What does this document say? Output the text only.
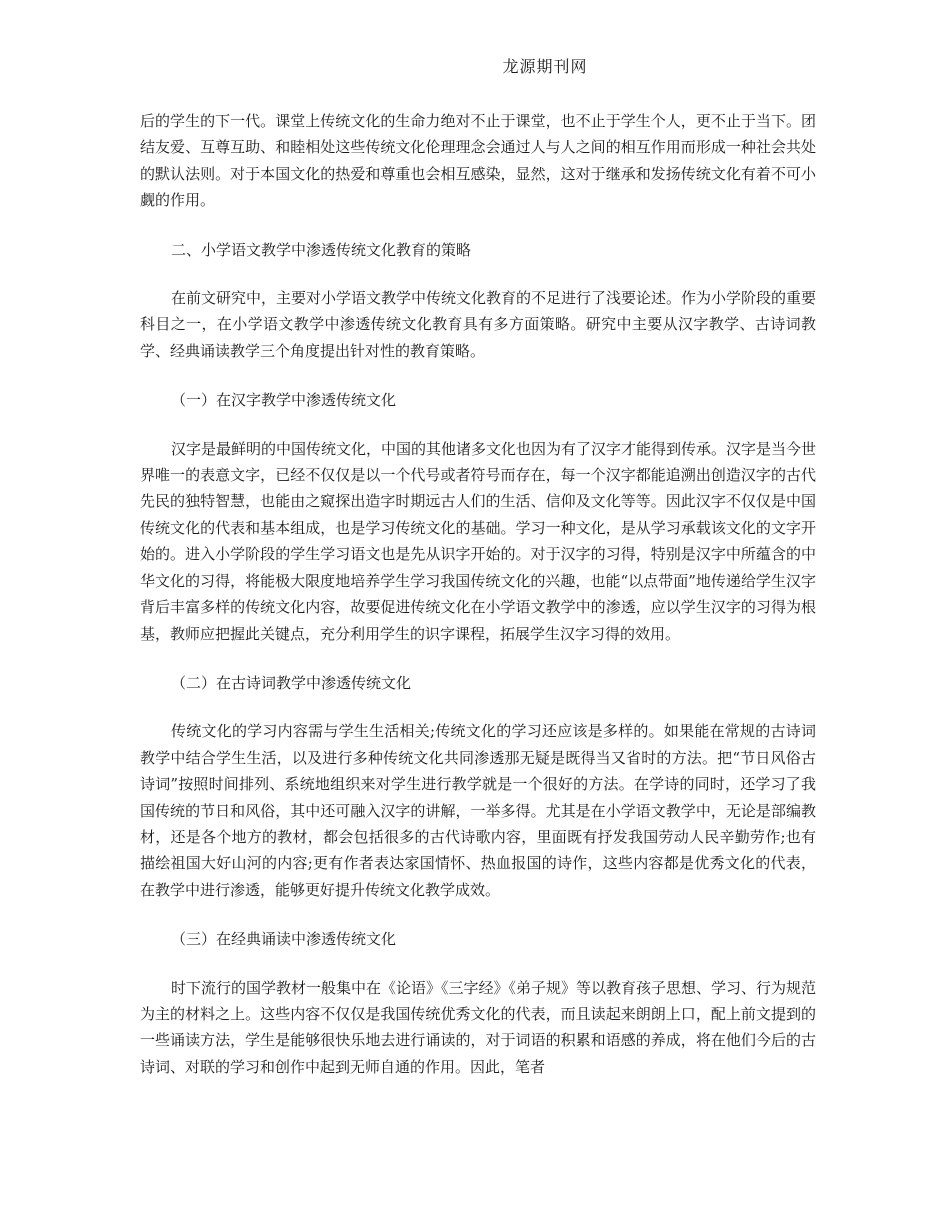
龙源期刊网

后的学生的下一代。课堂上传统文化的生命力绝对不止于课堂，也不止于学生个人，更不止于当下。团结友爱、互尊互助、和睦相处这些传统文化伦理理念会通过人与人之间的相互作用而形成一种社会共处的默认法则。对于本国文化的热爱和尊重也会相互感染，显然，这对于继承和发扬传统文化有着不可小觑的作用。

二、小学语文教学中渗透传统文化教育的策略

在前文研究中，主要对小学语文教学中传统文化教育的不足进行了浅要论述。作为小学阶段的重要科目之一，在小学语文教学中渗透传统文化教育具有多方面策略。研究中主要从汉字教学、古诗词教学、经典诵读教学三个角度提出针对性的教育策略。

（一）在汉字教学中渗透传统文化

汉字是最鲜明的中国传统文化，中国的其他诸多文化也因为有了汉字才能得到传承。汉字是当今世界唯一的表意文字，已经不仅仅是以一个代号或者符号而存在，每一个汉字都能追溯出创造汉字的古代先民的独特智慧，也能由之窥探出造字时期远古人们的生活、信仰及文化等等。因此汉字不仅仅是中国传统文化的代表和基本组成，也是学习传统文化的基础。学习一种文化，是从学习承载该文化的文字开始的。进入小学阶段的学生学习语文也是先从识字开始的。对于汉字的习得，特别是汉字中所蕴含的中华文化的习得，将能极大限度地培养学生学习我国传统文化的兴趣，也能“以点带面”地传递给学生汉字背后丰富多样的传统文化内容，故要促进传统文化在小学语文教学中的渗透，应以学生汉字的习得为根基，教师应把握此关键点，充分利用学生的识字课程，拓展学生汉字习得的效用。

（二）在古诗词教学中渗透传统文化

传统文化的学习内容需与学生生活相关;传统文化的学习还应该是多样的。如果能在常规的古诗词教学中结合学生生活，以及进行多种传统文化共同渗透那无疑是既得当又省时的方法。把“节日风俗古诗词”按照时间排列、系统地组织来对学生进行教学就是一个很好的方法。在学诗的同时，还学习了我国传统的节日和风俗，其中还可融入汉字的讲解，一举多得。尤其是在小学语文教学中，无论是部编教材，还是各个地方的教材，都会包括很多的古代诗歌内容，里面既有抒发我国劳动人民辛勤劳作;也有描绘祖国大好山河的内容;更有作者表达家国情怀、热血报国的诗作，这些内容都是优秀文化的代表，在教学中进行渗透，能够更好提升传统文化教学成效。

（三）在经典诵读中渗透传统文化

时下流行的国学教材一般集中在《论语》《三字经》《弟子规》等以教育孩子思想、学习、行为规范为主的材料之上。这些内容不仅仅是我国传统优秀文化的代表，而且读起来朗朗上口，配上前文提到的一些诵读方法，学生是能够很快乐地去进行诵读的，对于词语的积累和语感的养成，将在他们今后的古诗词、对联的学习和创作中起到无师自通的作用。因此，笔者
